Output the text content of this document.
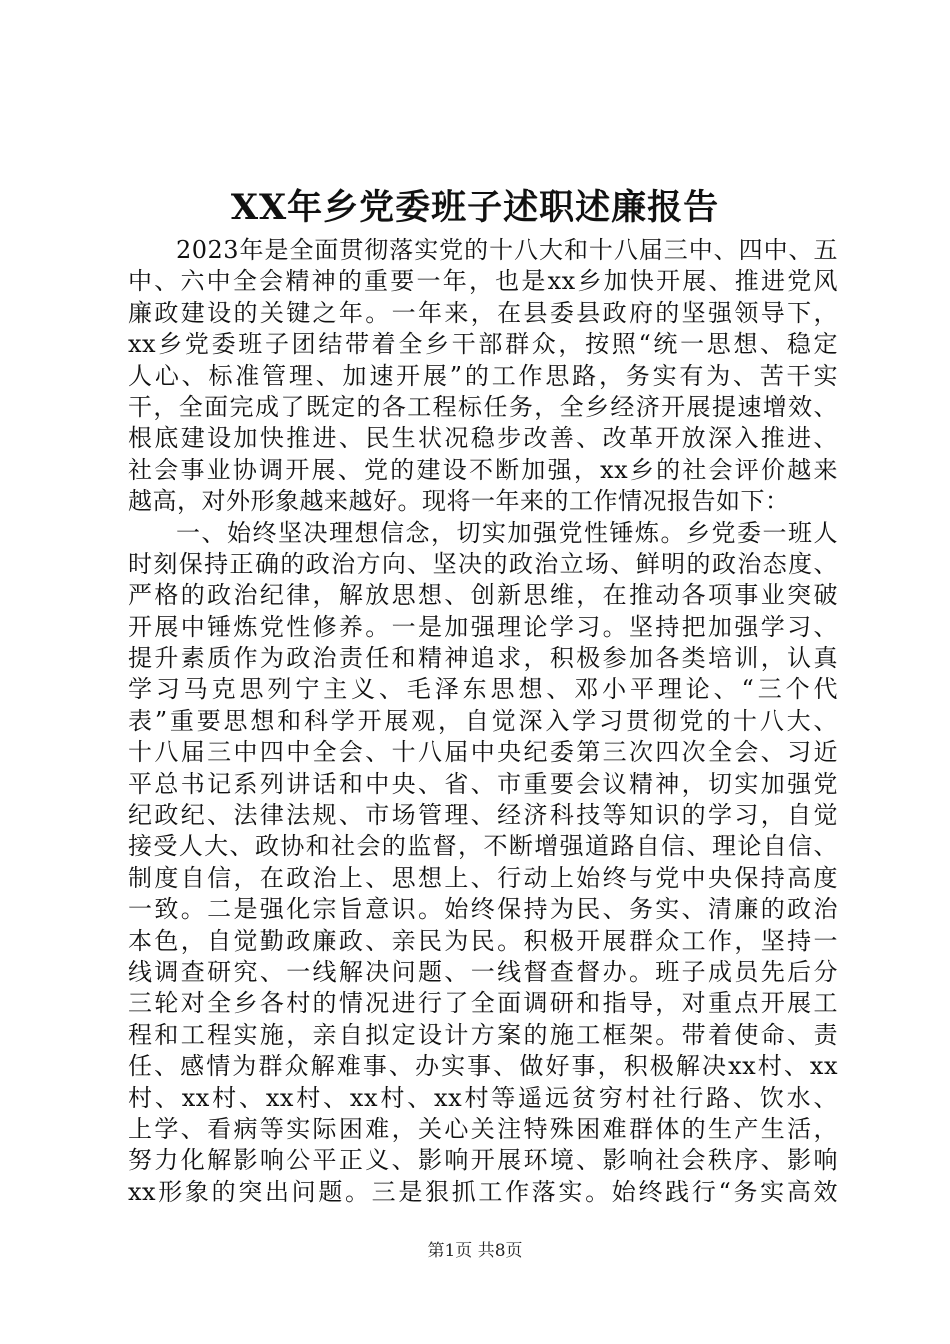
XX年乡党委班子述职述廉报告
2023年是全面贯彻落实党的十八大和十八届三中、四中、五
中、六中全会精神的重要一年，也是xx乡加快开展、推进党风
廉政建设的关键之年。一年来，在县委县政府的坚强领导下，
xx乡党委班子团结带着全乡干部群众，按照“统一思想、稳定
人心、标准管理、加速开展”的工作思路，务实有为、苦干实
干，全面完成了既定的各工程标任务，全乡经济开展提速增效、
根底建设加快推进、民生状况稳步改善、改革开放深入推进、
社会事业协调开展、党的建设不断加强，xx乡的社会评价越来
越高，对外形象越来越好。现将一年来的工作情况报告如下：
一、始终坚决理想信念，切实加强党性锤炼。乡党委一班人
时刻保持正确的政治方向、坚决的政治立场、鲜明的政治态度、
严格的政治纪律，解放思想、创新思维，在推动各项事业突破
开展中锤炼党性修养。一是加强理论学习。坚持把加强学习、
提升素质作为政治责任和精神追求，积极参加各类培训，认真
学习马克思列宁主义、毛泽东思想、邓小平理论、“三个代
表”重要思想和科学开展观，自觉深入学习贯彻党的十八大、
十八届三中四中全会、十八届中央纪委第三次四次全会、习近
平总书记系列讲话和中央、省、市重要会议精神，切实加强党
纪政纪、法律法规、市场管理、经济科技等知识的学习，自觉
接受人大、政协和社会的监督，不断增强道路自信、理论自信、
制度自信，在政治上、思想上、行动上始终与党中央保持高度
一致。二是强化宗旨意识。始终保持为民、务实、清廉的政治
本色，自觉勤政廉政、亲民为民。积极开展群众工作，坚持一
线调查研究、一线解决问题、一线督查督办。班子成员先后分
三轮对全乡各村的情况进行了全面调研和指导，对重点开展工
程和工程实施，亲自拟定设计方案的施工框架。带着使命、责
任、感情为群众解难事、办实事、做好事，积极解决xx村、xx
村、xx村、xx村、xx村、xx村等遥远贫穷村社行路、饮水、
上学、看病等实际困难，关心关注特殊困难群体的生产生活，
努力化解影响公平正义、影响开展环境、影响社会秩序、影响
xx形象的突出问题。三是狠抓工作落实。始终践行“务实高效
第1页 共8页
